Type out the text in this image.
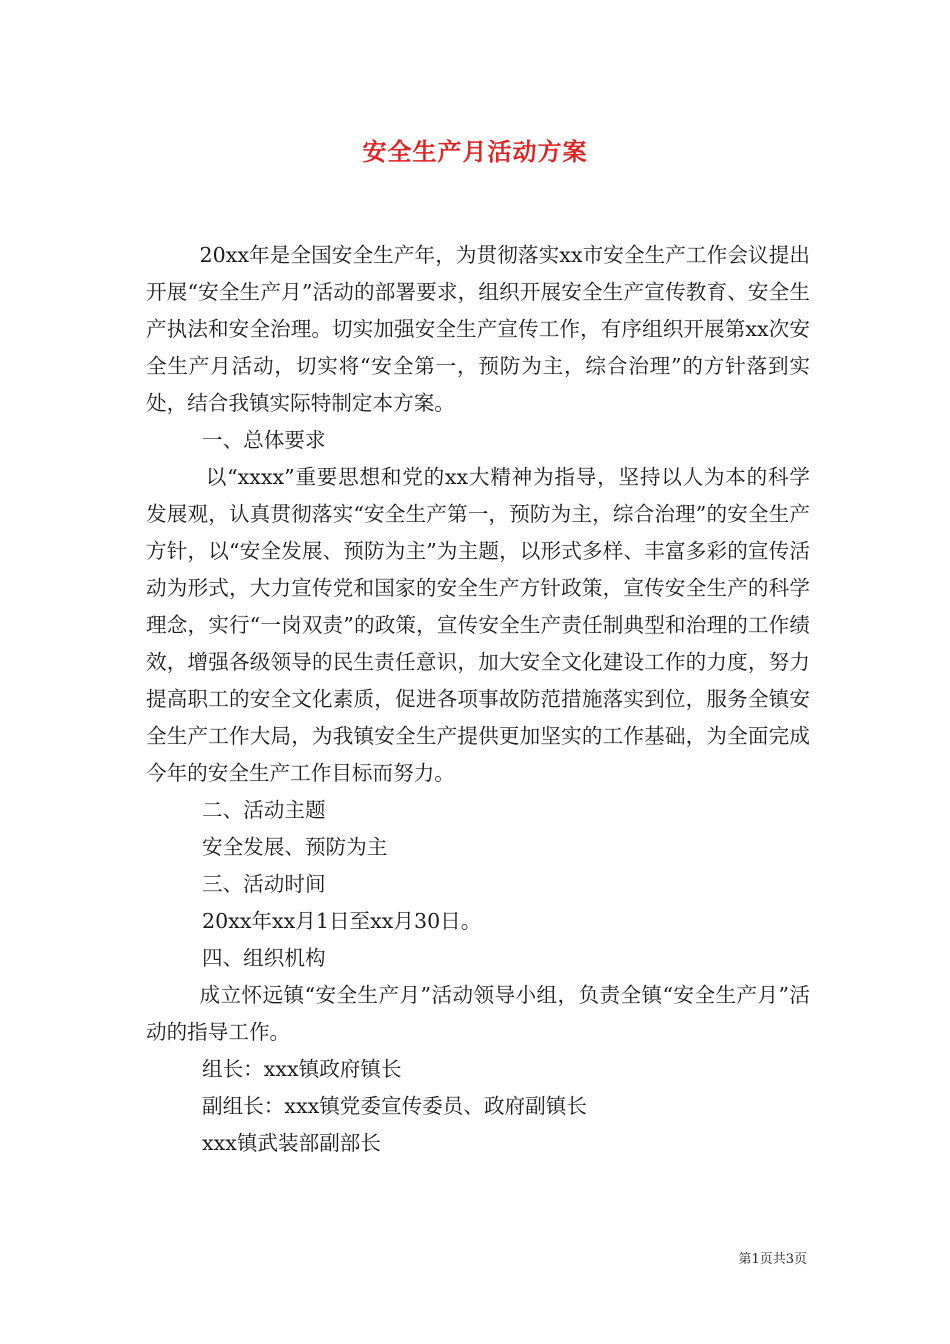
安全生产月活动方案

20xx年是全国安全生产年，为贯彻落实xx市安全生产工作会议提出开展“安全生产月”活动的部署要求，组织开展安全生产宣传教育、安全生产执法和安全治理。切实加强安全生产宣传工作，有序组织开展第xx次安全生产月活动，切实将“安全第一，预防为主，综合治理”的方针落到实处，结合我镇实际特制定本方案。

一、总体要求

以“xxxx”重要思想和党的xx大精神为指导，坚持以人为本的科学发展观，认真贯彻落实“安全生产第一，预防为主，综合治理”的安全生产方针，以“安全发展、预防为主”为主题，以形式多样、丰富多彩的宣传活动为形式，大力宣传党和国家的安全生产方针政策，宣传安全生产的科学理念，实行“一岗双责”的政策，宣传安全生产责任制典型和治理的工作绩效，增强各级领导的民生责任意识，加大安全文化建设工作的力度，努力提高职工的安全文化素质，促进各项事故防范措施落实到位，服务全镇安全生产工作大局，为我镇安全生产提供更加坚实的工作基础，为全面完成今年的安全生产工作目标而努力。

二、活动主题

安全发展、预防为主

三、活动时间

20xx年xx月1日至xx月30日。

四、组织机构

成立怀远镇“安全生产月”活动领导小组，负责全镇“安全生产月”活动的指导工作。

组长：xxx镇政府镇长

副组长：xxx镇党委宣传委员、政府副镇长

xxx镇武装部副部长

第1页共3页
